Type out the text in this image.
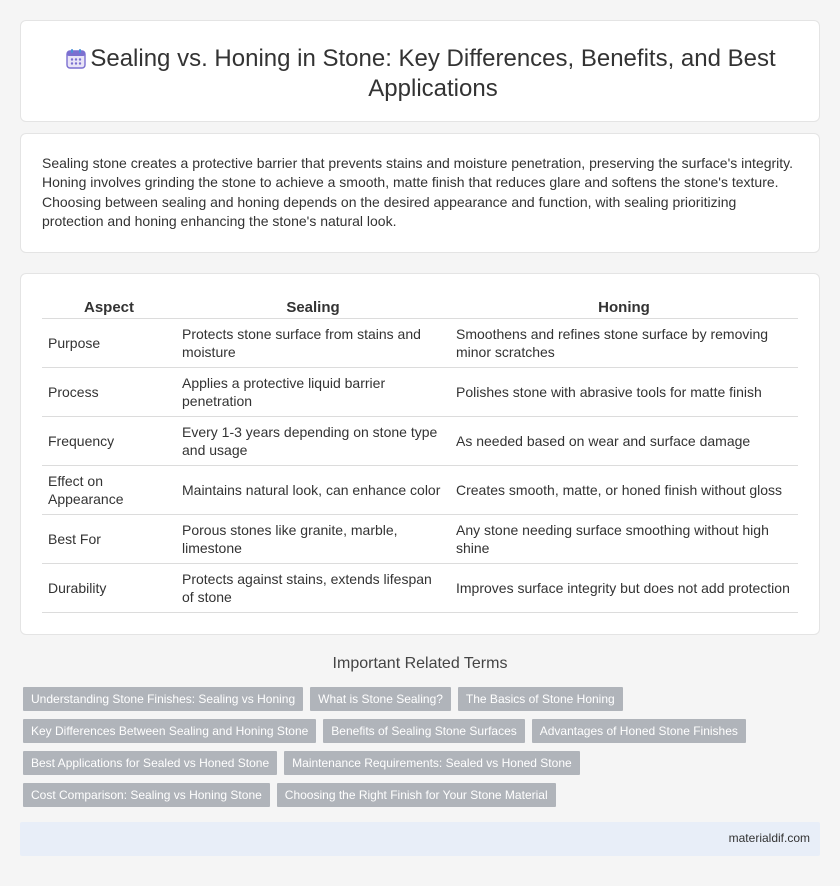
Sealing vs. Honing in Stone: Key Differences, Benefits, and Best Applications

Sealing stone creates a protective barrier that prevents stains and moisture penetration, preserving the surface's integrity. Honing involves grinding the stone to achieve a smooth, matte finish that reduces glare and softens the stone's texture. Choosing between sealing and honing depends on the desired appearance and function, with sealing prioritizing protection and honing enhancing the stone's natural look.

Aspect	Sealing	Honing
Purpose	Protects stone surface from stains and moisture	Smoothens and refines stone surface by removing minor scratches
Process	Applies a protective liquid barrier penetration	Polishes stone with abrasive tools for matte finish
Frequency	Every 1-3 years depending on stone type and usage	As needed based on wear and surface damage
Effect on Appearance	Maintains natural look, can enhance color	Creates smooth, matte, or honed finish without gloss
Best For	Porous stones like granite, marble, limestone	Any stone needing surface smoothing without high shine
Durability	Protects against stains, extends lifespan of stone	Improves surface integrity but does not add protection
Important Related Terms
Understanding Stone Finishes: Sealing vs Honing	What is Stone Sealing?	The Basics of Stone Honing
Key Differences Between Sealing and Honing Stone	Benefits of Sealing Stone Surfaces	Advantages of Honed Stone Finishes
Best Applications for Sealed vs Honed Stone	Maintenance Requirements: Sealed vs Honed Stone
Cost Comparison: Sealing vs Honing Stone	Choosing the Right Finish for Your Stone Material
materialdif.com
